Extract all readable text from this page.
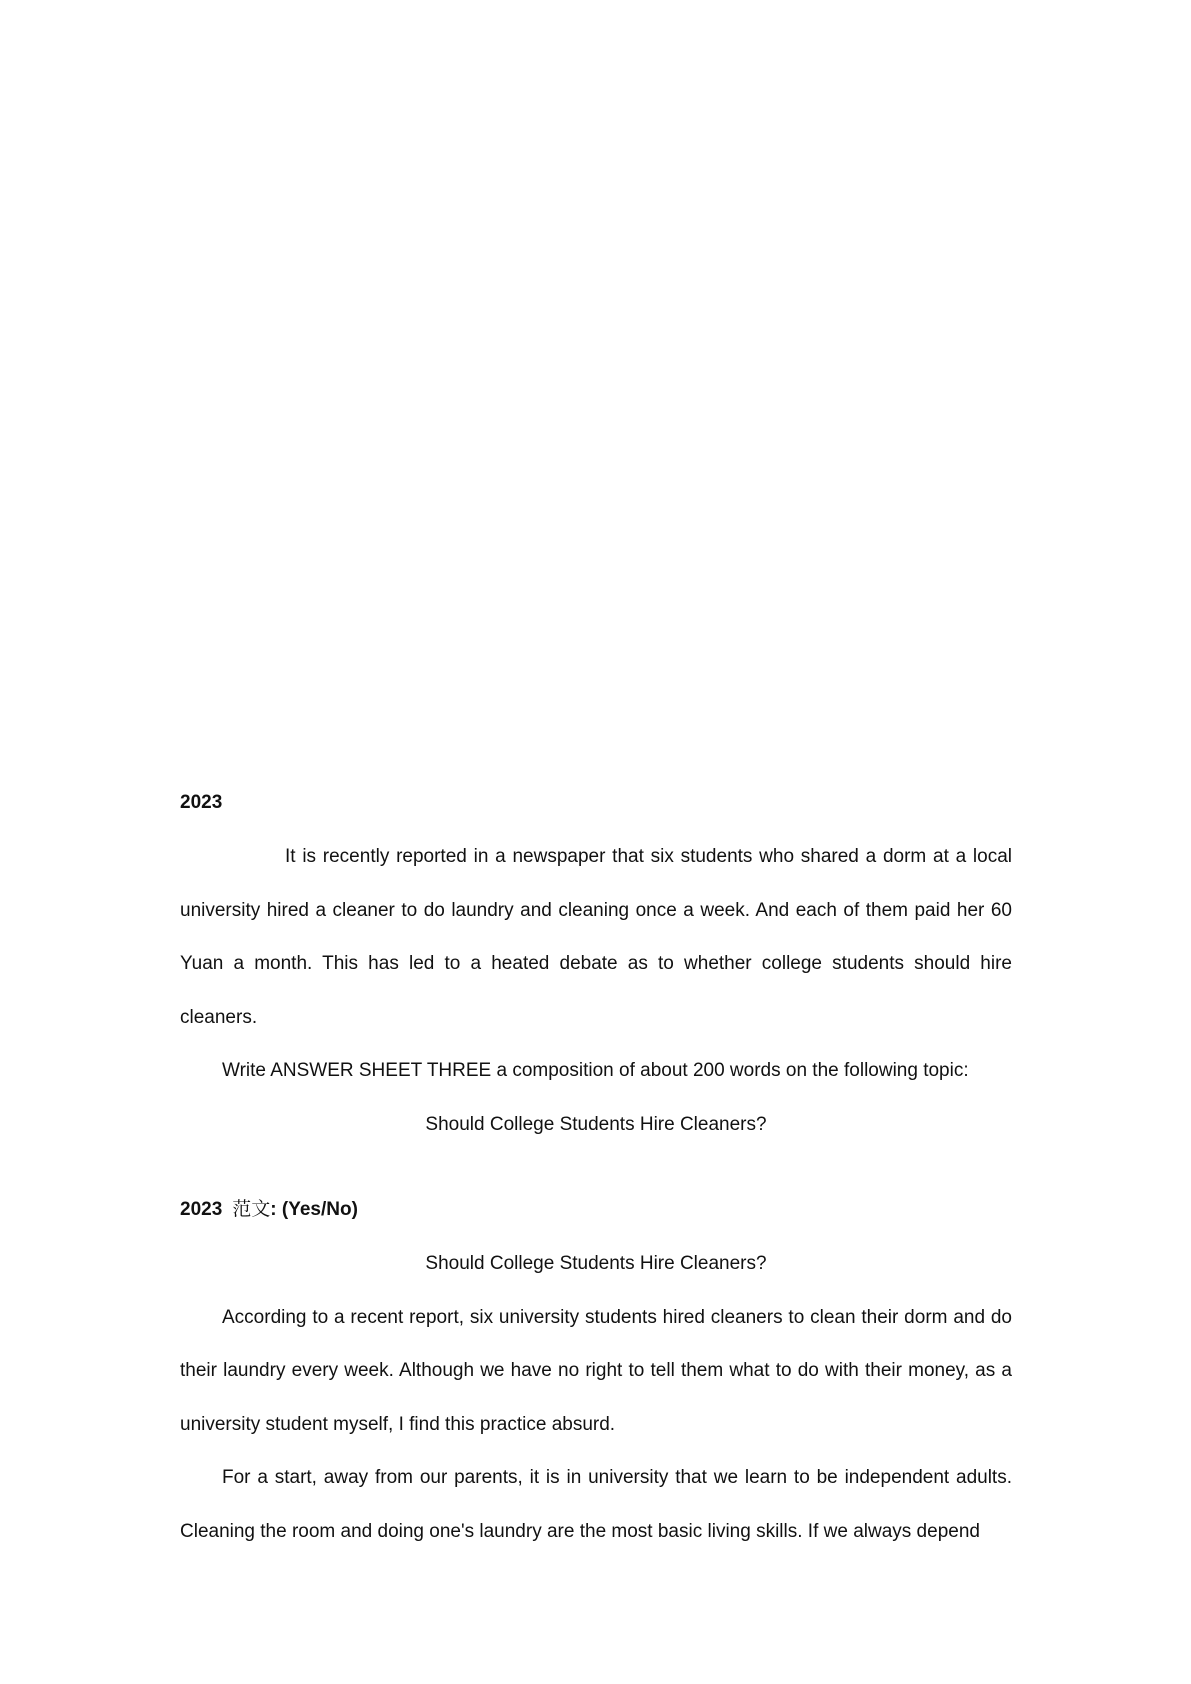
2023

It is recently reported in a newspaper that six students who shared a dorm at a local university hired a cleaner to do laundry and cleaning once a week. And each of them paid her 60 Yuan a month. This has led to a heated debate as to whether college students should hire cleaners.

Write ANSWER SHEET THREE a composition of about 200 words on the following topic:

Should College Students Hire Cleaners?

2023 范文: (Yes/No)

Should College Students Hire Cleaners?

According to a recent report, six university students hired cleaners to clean their dorm and do their laundry every week. Although we have no right to tell them what to do with their money, as a university student myself, I find this practice absurd.

For a start, away from our parents, it is in university that we learn to be independent adults. Cleaning the room and doing one's laundry are the most basic living skills. If we always depend
